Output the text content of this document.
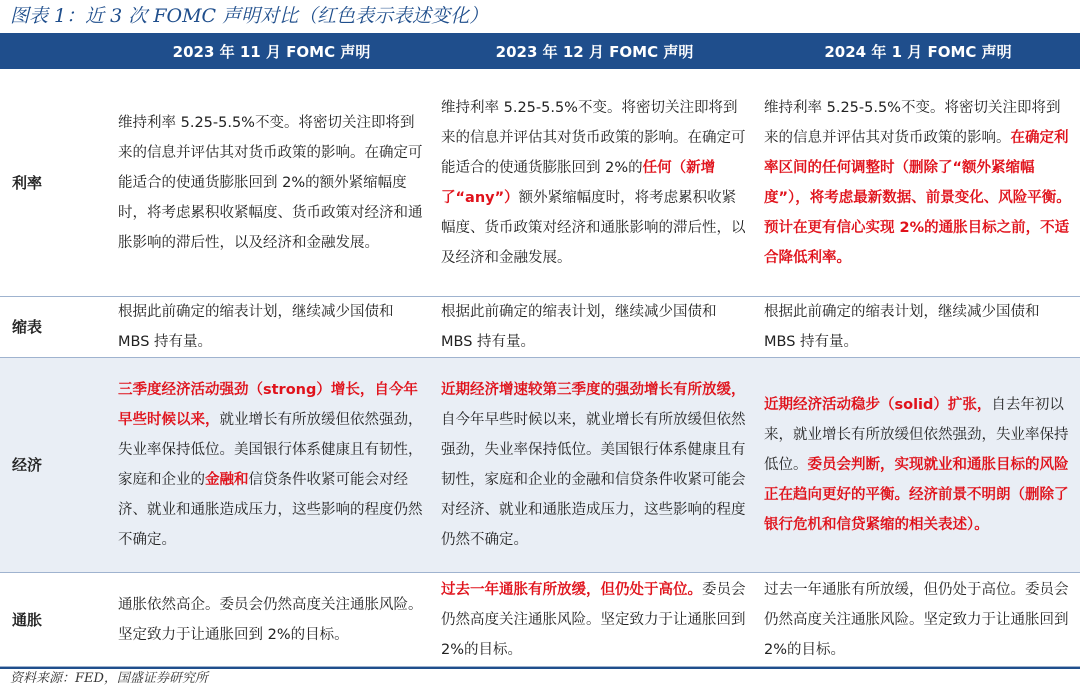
图表 1：近 3 次 FOMC 声明对比（红色表示表述变化）
	2023 年 11 月 FOMC 声明	2023 年 12 月 FOMC 声明	2024 年 1 月 FOMC 声明
利率	维持利率 5.25-5.5%不变。将密切关注即将到来的信息并评估其对货币政策的影响。在确定可能适合的使通货膨胀回到 2%的额外紧缩幅度时，将考虑累积收紧幅度、货币政策对经济和通胀影响的滞后性，以及经济和金融发展。	维持利率 5.25-5.5%不变。将密切关注即将到来的信息并评估其对货币政策的影响。在确定可能适合的使通货膨胀回到 2%的任何（新增了“any”）额外紧缩幅度时，将考虑累积收紧幅度、货币政策对经济和通胀影响的滞后性，以及经济和金融发展。	维持利率 5.25-5.5%不变。将密切关注即将到来的信息并评估其对货币政策的影响。在确定利率区间的任何调整时（删除了“额外紧缩幅度”），将考虑最新数据、前景变化、风险平衡。预计在更有信心实现 2%的通胀目标之前，不适合降低利率。
缩表	根据此前确定的缩表计划，继续减少国债和 MBS 持有量。	根据此前确定的缩表计划，继续减少国债和 MBS 持有量。	根据此前确定的缩表计划，继续减少国债和 MBS 持有量。
经济	三季度经济活动强劲（strong）增长，自今年早些时候以来，就业增长有所放缓但依然强劲，失业率保持低位。美国银行体系健康且有韧性，家庭和企业的金融和信贷条件收紧可能会对经济、就业和通胀造成压力，这些影响的程度仍然不确定。	近期经济增速较第三季度的强劲增长有所放缓，自今年早些时候以来，就业增长有所放缓但依然强劲，失业率保持低位。美国银行体系健康且有韧性，家庭和企业的金融和信贷条件收紧可能会对经济、就业和通胀造成压力，这些影响的程度仍然不确定。	近期经济活动稳步（solid）扩张，自去年初以来，就业增长有所放缓但依然强劲，失业率保持低位。委员会判断，实现就业和通胀目标的风险正在趋向更好的平衡。经济前景不明朗（删除了银行危机和信贷紧缩的相关表述）。
通胀	通胀依然高企。委员会仍然高度关注通胀风险。坚定致力于让通胀回到 2%的目标。	过去一年通胀有所放缓，但仍处于高位。委员会仍然高度关注通胀风险。坚定致力于让通胀回到 2%的目标。	过去一年通胀有所放缓，但仍处于高位。委员会仍然高度关注通胀风险。坚定致力于让通胀回到 2%的目标。
资料来源：FED，国盛证券研究所
